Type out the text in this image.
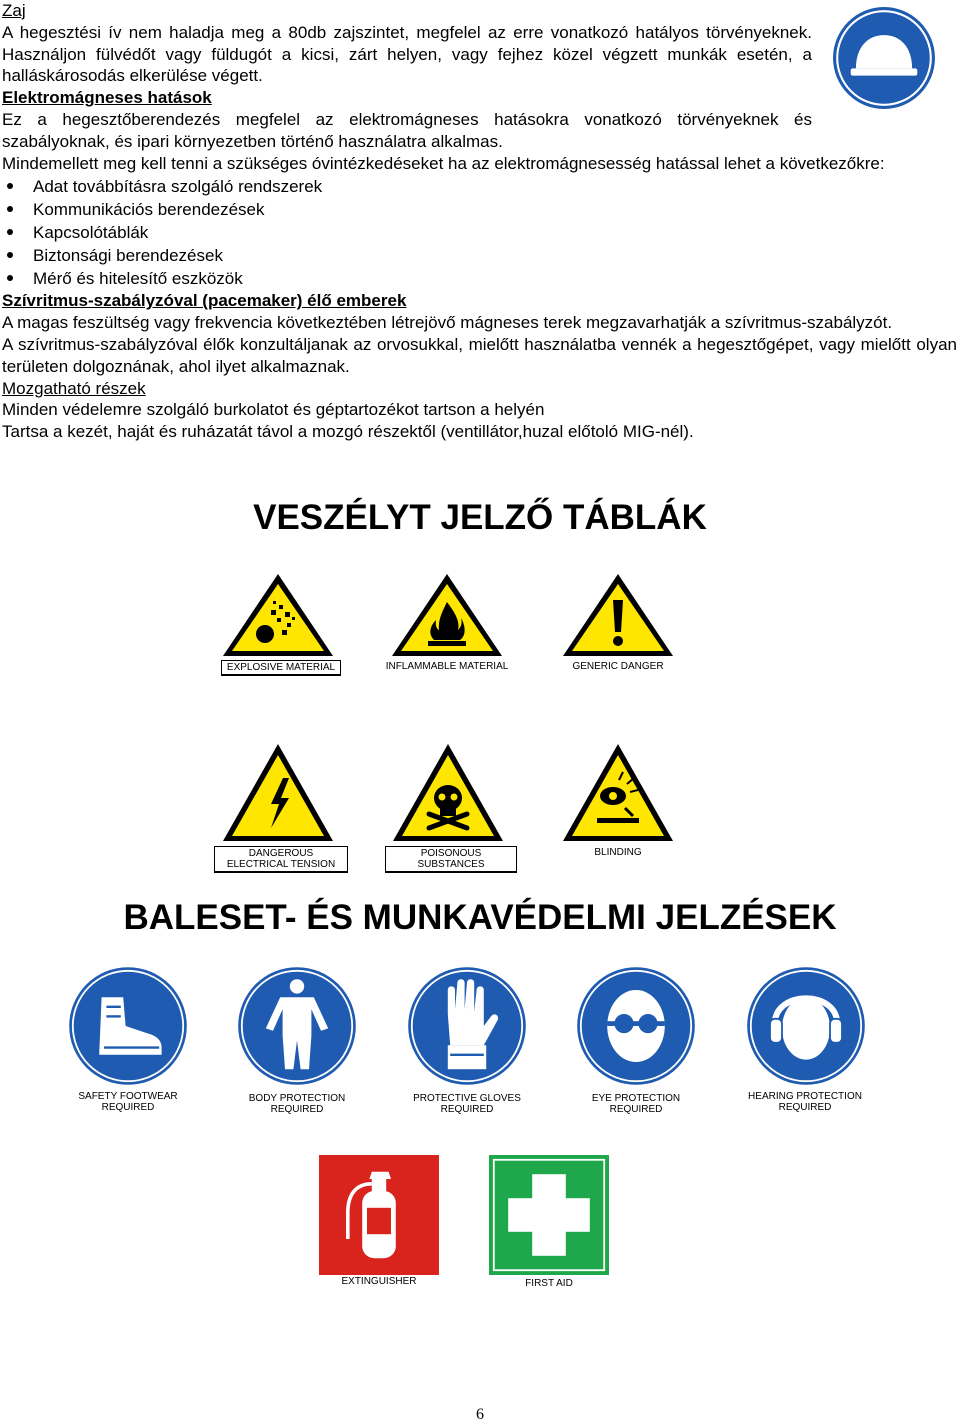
Zaj

A hegesztési ív nem haladja meg a 80db zajszintet, megfelel az erre vonatkozó hatályos törvényeknek. Használjon fülvédőt vagy füldugót a kicsi, zárt helyen, vagy fejhez közel végzett munkák esetén, a halláskárosodás elkerülése végett.

Elektromágneses hatások

Ez a hegesztőberendezés megfelel az elektromágneses hatásokra vonatkozó törvényeknek és szabályoknak, és ipari környezetben történő használatra alkalmas.

Mindemellett meg kell tenni a szükséges óvintézkedéseket ha az elektromágnesesség hatással lehet a következőkre:

Adat továbbításra szolgáló rendszerek
Kommunikációs berendezések
Kapcsolótáblák
Biztonsági berendezések
Mérő és hitelesítő eszközök

Szívritmus-szabályzóval (pacemaker) élő emberek

A magas feszültség vagy frekvencia következtében létrejövő mágneses terek megzavarhatják a szívritmus-szabályzót.

A szívritmus-szabályzóval élők konzultáljanak az orvosukkal, mielőtt használatba vennék a hegesztőgépet, vagy mielőtt olyan területen dolgoznának, ahol ilyet alkalmaznak.

Mozgatható részek

Minden védelemre szolgáló burkolatot és géptartozékot tartson a helyén

Tartsa a kezét, haját és ruházatát távol a mozgó részektől (ventillátor,huzal előtoló MIG-nél).

VESZÉLYT JELZŐ TÁBLÁK
EXPLOSIVE MATERIAL	INFLAMMABLE MATERIAL	GENERIC DANGER
DANGEROUS ELECTRICAL TENSION
POISONOUS SUBSTANCES
BLINDING
BALESET- ÉS MUNKAVÉDELMI JELZÉSEK
SAFETY FOOTWEAR REQUIRED
BODY PROTECTION REQUIRED
PROTECTIVE GLOVES REQUIRED
EYE PROTECTION REQUIRED
HEARING PROTECTION REQUIRED
EXTINGUISHER	FIRST AID
6
